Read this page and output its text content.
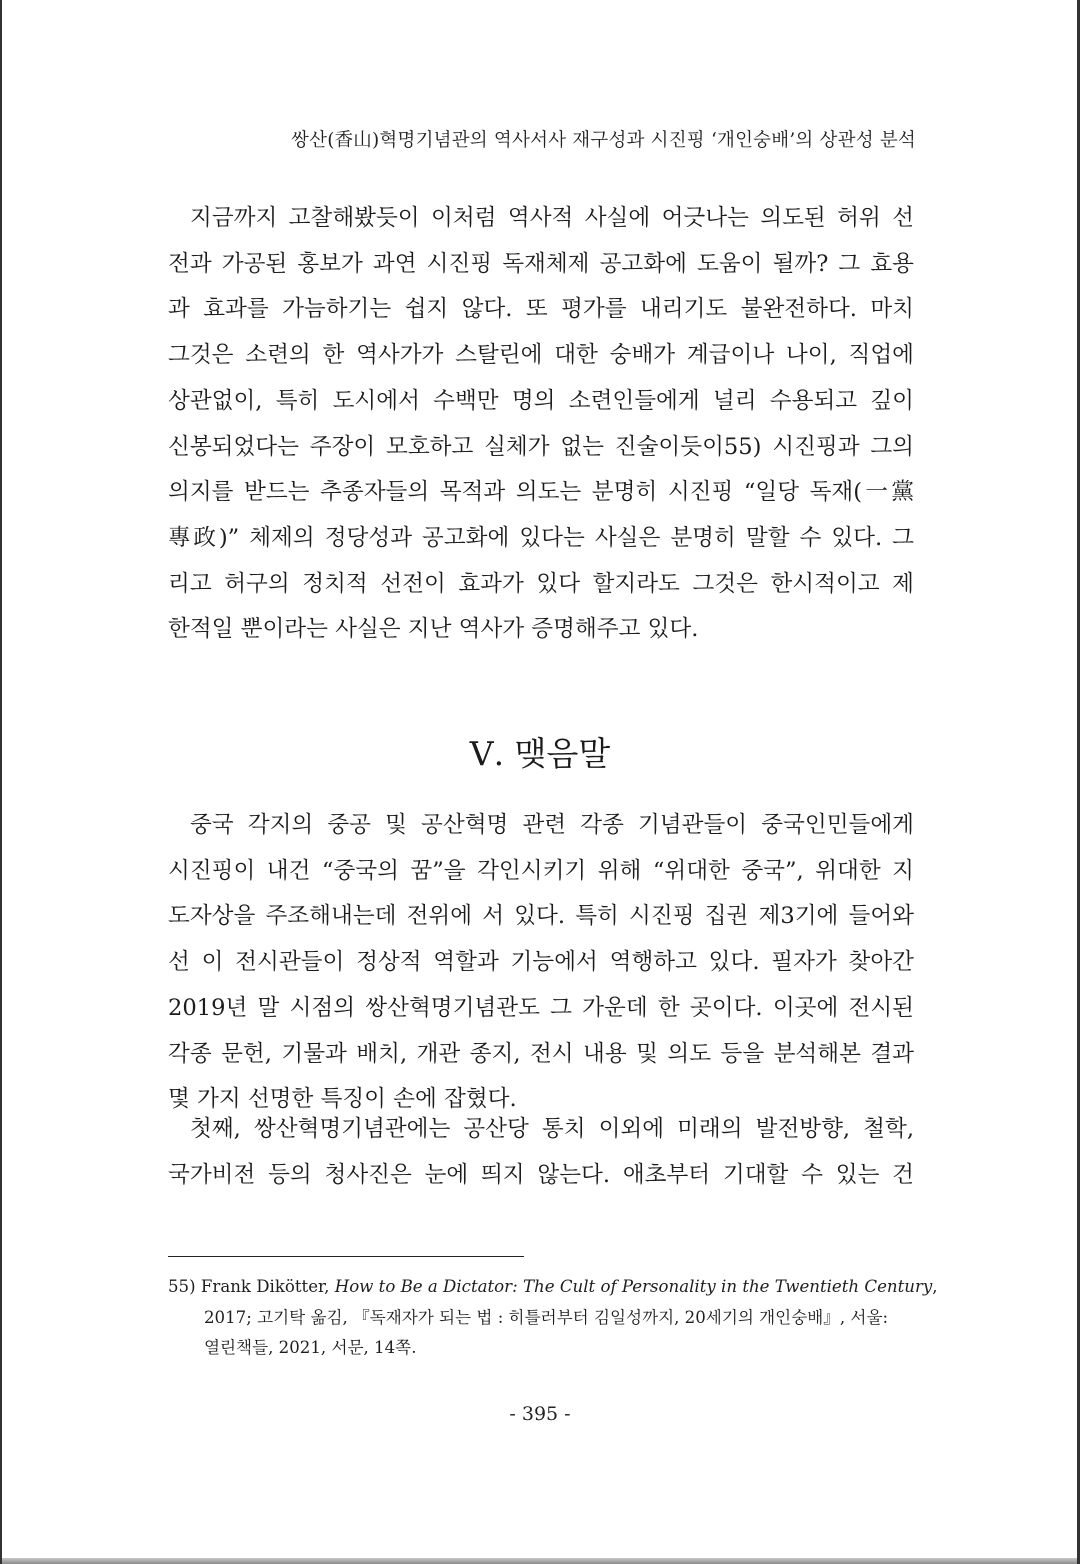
쌍산(香山)혁명기념관의 역사서사 재구성과 시진핑 ‘개인숭배’의 상관성 분석
지금까지 고찰해봤듯이 이처럼 역사적 사실에 어긋나는 의도된 허위 선
전과 가공된 홍보가 과연 시진핑 독재체제 공고화에 도움이 될까? 그 효용
과 효과를 가늠하기는 쉽지 않다. 또 평가를 내리기도 불완전하다. 마치
그것은 소련의 한 역사가가 스탈린에 대한 숭배가 계급이나 나이, 직업에
상관없이, 특히 도시에서 수백만 명의 소련인들에게 널리 수용되고 깊이
신봉되었다는 주장이 모호하고 실체가 없는 진술이듯이55) 시진핑과 그의
의지를 받드는 추종자들의 목적과 의도는 분명히 시진핑 “일당 독재(一黨
專政)” 체제의 정당성과 공고화에 있다는 사실은 분명히 말할 수 있다. 그
리고 허구의 정치적 선전이 효과가 있다 할지라도 그것은 한시적이고 제
한적일 뿐이라는 사실은 지난 역사가 증명해주고 있다.
Ⅴ. 맺음말
중국 각지의 중공 및 공산혁명 관련 각종 기념관들이 중국인민들에게
시진핑이 내건 “중국의 꿈”을 각인시키기 위해 “위대한 중국”, 위대한 지
도자상을 주조해내는데 전위에 서 있다. 특히 시진핑 집권 제3기에 들어와
선 이 전시관들이 정상적 역할과 기능에서 역행하고 있다. 필자가 찾아간
2019년 말 시점의 쌍산혁명기념관도 그 가운데 한 곳이다. 이곳에 전시된
각종 문헌, 기물과 배치, 개관 종지, 전시 내용 및 의도 등을 분석해본 결과
몇 가지 선명한 특징이 손에 잡혔다.
첫째, 쌍산혁명기념관에는 공산당 통치 이외에 미래의 발전방향, 철학,
국가비전 등의 청사진은 눈에 띄지 않는다. 애초부터 기대할 수 있는 건
55) Frank Dikötter, How to Be a Dictator: The Cult of Personality in the Twentieth Century,
2017; 고기탁 옮김, 『독재자가 되는 법 : 히틀러부터 김일성까지, 20세기의 개인숭배』, 서울:
열린책들, 2021, 서문, 14쪽.
- 395 -
